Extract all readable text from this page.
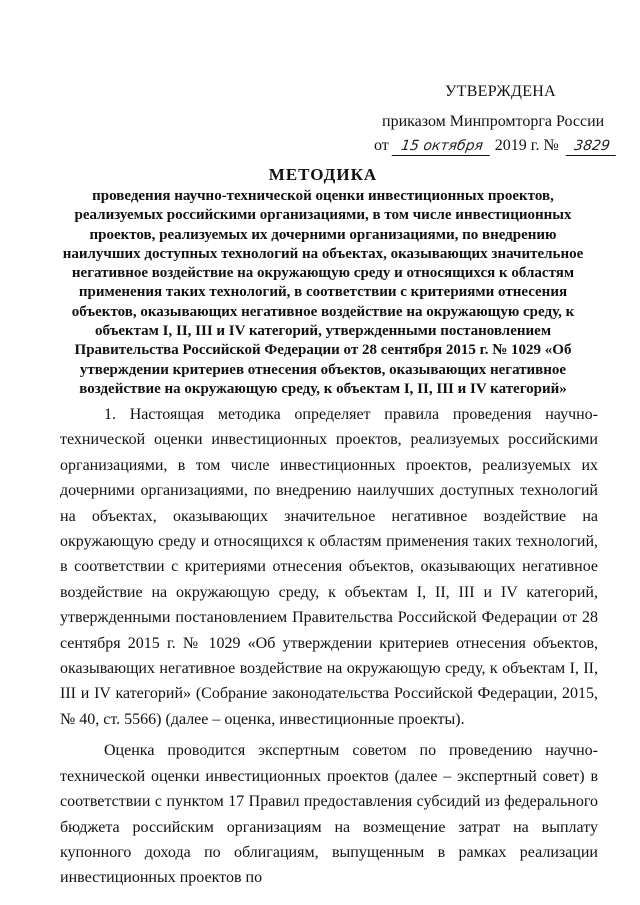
УТВЕРЖДЕНА
приказом Минпромторга России
от 15 октября 2019 г. № 3829
МЕТОДИКА
проведения научно-технической оценки инвестиционных проектов, реализуемых российскими организациями, в том числе инвестиционных проектов, реализуемых их дочерними организациями, по внедрению наилучших доступных технологий на объектах, оказывающих значительное негативное воздействие на окружающую среду и относящихся к областям применения таких технологий, в соответствии с критериями отнесения объектов, оказывающих негативное воздействие на окружающую среду, к объектам I, II, III и IV категорий, утвержденными постановлением Правительства Российской Федерации от 28 сентября 2015 г. № 1029 «Об утверждении критериев отнесения объектов, оказывающих негативное воздействие на окружающую среду, к объектам I, II, III и IV категорий»

1. Настоящая методика определяет правила проведения научно-технической оценки инвестиционных проектов, реализуемых российскими организациями, в том числе инвестиционных проектов, реализуемых их дочерними организациями, по внедрению наилучших доступных технологий на объектах, оказывающих значительное негативное воздействие на окружающую среду и относящихся к областям применения таких технологий, в соответствии с критериями отнесения объектов, оказывающих негативное воздействие на окружающую среду, к объектам I, II, III и IV категорий, утвержденными постановлением Правительства Российской Федерации от 28 сентября 2015 г. № 1029 «Об утверждении критериев отнесения объектов, оказывающих негативное воздействие на окружающую среду, к объектам I, II, III и IV категорий» (Собрание законодательства Российской Федерации, 2015, № 40, ст. 5566) (далее – оценка, инвестиционные проекты).

Оценка проводится экспертным советом по проведению научно-технической оценки инвестиционных проектов (далее – экспертный совет) в соответствии с пунктом 17 Правил предоставления субсидий из федерального бюджета российским организациям на возмещение затрат на выплату купонного дохода по облигациям, выпущенным в рамках реализации инвестиционных проектов по
